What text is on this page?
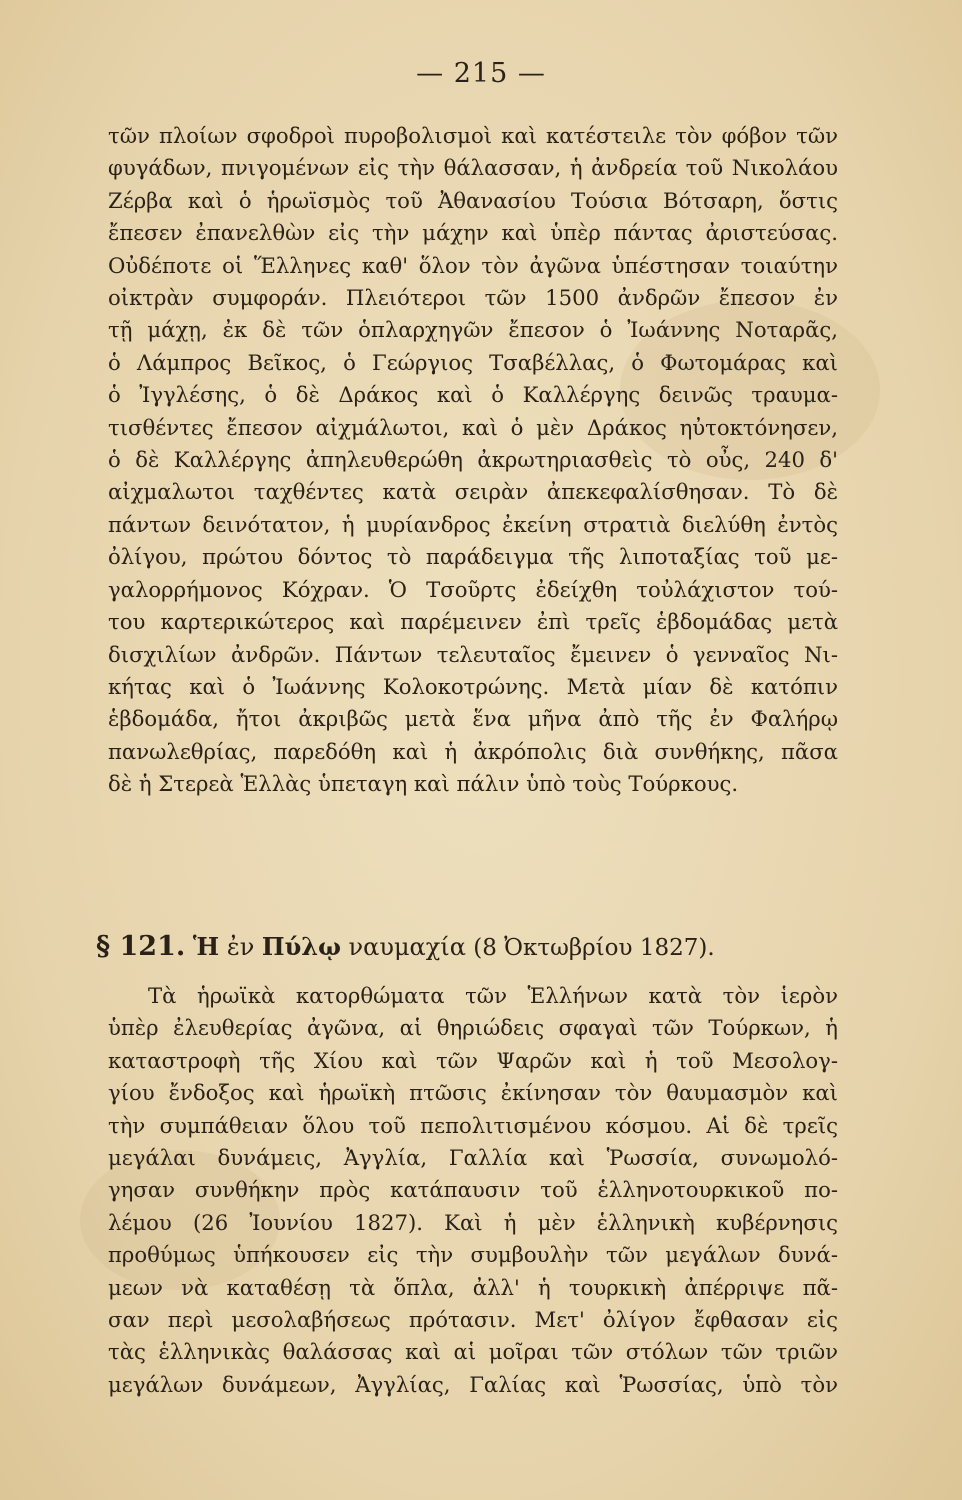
— 215 —
τῶν πλοίων σφοδροὶ πυροβολισμοὶ καὶ κατέστειλε τὸν φόβον τῶν
φυγάδων, πνιγομένων εἰς τὴν θάλασσαν, ἡ ἀνδρεία τοῦ Νικολάου
Ζέρβα καὶ ὁ ἡρωϊσμὸς τοῦ Ἀθανασίου Τούσια Βότσαρη, ὅστις
ἔπεσεν ἐπανελθὼν εἰς τὴν μάχην καὶ ὑπὲρ πάντας ἀριστεύσας.
Οὐδέποτε οἱ Ἕλληνες καθ' ὅλον τὸν ἀγῶνα ὑπέστησαν τοιαύτην
οἰκτρὰν συμφοράν. Πλειότεροι τῶν 1500 ἀνδρῶν ἔπεσον ἐν
τῇ μάχῃ, ἐκ δὲ τῶν ὁπλαρχηγῶν ἔπεσον ὁ Ἰωάννης Νοταρᾶς,
ὁ Λάμπρος Βεῖκος, ὁ Γεώργιος Τσαβέλλας, ὁ Φωτομάρας καὶ
ὁ Ἰγγλέσης, ὁ δὲ Δράκος καὶ ὁ Καλλέργης δεινῶς τραυμα-
τισθέντες ἔπεσον αἰχμάλωτοι, καὶ ὁ μὲν Δράκος ηὐτοκτόνησεν,
ὁ δὲ Καλλέργης ἀπηλευθερώθη ἀκρωτηριασθεὶς τὸ οὖς, 240 δ'
αἰχμαλωτοι ταχθέντες κατὰ σειρὰν ἀπεκεφαλίσθησαν. Τὸ δὲ
πάντων δεινότατον, ἡ μυρίανδρος ἐκείνη στρατιὰ διελύθη ἐντὸς
ὀλίγου, πρώτου δόντος τὸ παράδειγμα τῆς λιποταξίας τοῦ με-
γαλορρήμονος Κόχραν. Ὁ Τσοῦρτς ἐδείχθη τοὐλάχιστον τού-
του καρτερικώτερος καὶ παρέμεινεν ἐπὶ τρεῖς ἑβδομάδας μετὰ
δισχιλίων ἀνδρῶν. Πάντων τελευταῖος ἔμεινεν ὁ γενναῖος Νι-
κήτας καὶ ὁ Ἰωάννης Κολοκοτρώνης. Μετὰ μίαν δὲ κατόπιν
ἑβδομάδα, ἤτοι ἀκριβῶς μετὰ ἕνα μῆνα ἀπὸ τῆς ἐν Φαλήρῳ
πανωλεθρίας, παρεδόθη καὶ ἡ ἀκρόπολις διὰ συνθήκης, πᾶσα
δὲ ἡ Στερεὰ Ἑλλὰς ὑπεταγη καὶ πάλιν ὑπὸ τοὺς Τούρκους.
§ 121. Ἡ ἐν Πύλῳ ναυμαχία (8 Ὀκτωβρίου 1827).
Τὰ ἡρωϊκὰ κατορθώματα τῶν Ἑλλήνων κατὰ τὸν ἱερὸν
ὑπὲρ ἐλευθερίας ἀγῶνα, αἱ θηριώδεις σφαγαὶ τῶν Τούρκων, ἡ
καταστροφὴ τῆς Χίου καὶ τῶν Ψαρῶν καὶ ἡ τοῦ Μεσολογ-
γίου ἔνδοξος καὶ ἡρωϊκὴ πτῶσις ἐκίνησαν τὸν θαυμασμὸν καὶ
τὴν συμπάθειαν ὅλου τοῦ πεπολιτισμένου κόσμου. Αἱ δὲ τρεῖς
μεγάλαι δυνάμεις, Ἀγγλία, Γαλλία καὶ Ῥωσσία, συνωμολό-
γησαν συνθήκην πρὸς κατάπαυσιν τοῦ ἑλληνοτουρκικοῦ πο-
λέμου (26 Ἰουνίου 1827). Καὶ ἡ μὲν ἑλληνικὴ κυβέρνησις
προθύμως ὑπήκουσεν εἰς τὴν συμβουλὴν τῶν μεγάλων δυνά-
μεων νὰ καταθέσῃ τὰ ὅπλα, ἀλλ' ἡ τουρκικὴ ἀπέρριψε πᾶ-
σαν περὶ μεσολαβήσεως πρότασιν. Μετ' ὀλίγον ἔφθασαν εἰς
τὰς ἑλληνικὰς θαλάσσας καὶ αἱ μοῖραι τῶν στόλων τῶν τριῶν
μεγάλων δυνάμεων, Ἀγγλίας, Γαλίας καὶ Ῥωσσίας, ὑπὸ τὸν
